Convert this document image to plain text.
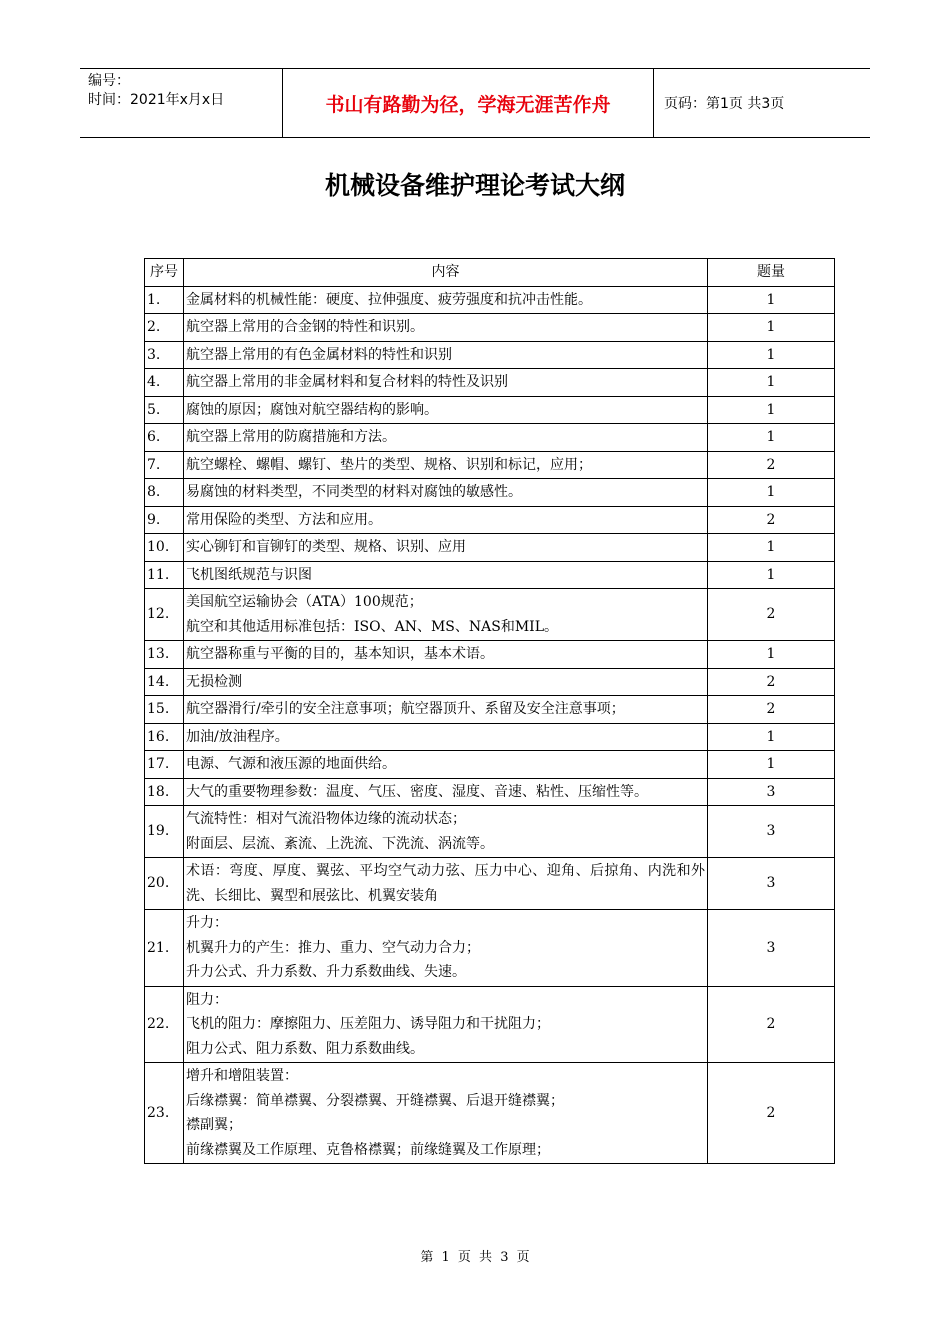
编号：
时间：2021年x月x日	书山有路勤为径，学海无涯苦作舟	页码：第1页 共3页
机械设备维护理论考试大纲
序号	内容	题量
1.	金属材料的机械性能：硬度、拉伸强度、疲劳强度和抗冲击性能。	1
2.	航空器上常用的合金钢的特性和识别。	1
3.	航空器上常用的有色金属材料的特性和识别	1
4.	航空器上常用的非金属材料和复合材料的特性及识别	1
5.	腐蚀的原因；腐蚀对航空器结构的影响。	1
6.	航空器上常用的防腐措施和方法。	1
7.	航空螺栓、螺帽、螺钉、垫片的类型、规格、识别和标记，应用；	2
8.	易腐蚀的材料类型，不同类型的材料对腐蚀的敏感性。	1
9.	常用保险的类型、方法和应用。	2
10.	实心铆钉和盲铆钉的类型、规格、识别、应用	1
11.	飞机图纸规范与识图	1
12.	美国航空运输协会（ATA）100规范；
航空和其他适用标准包括：ISO、AN、MS、NAS和MIL。	2
13.	航空器称重与平衡的目的，基本知识，基本术语。	1
14.	无损检测	2
15.	航空器滑行/牵引的安全注意事项；航空器顶升、系留及安全注意事项；	2
16.	加油/放油程序。	1
17.	电源、气源和液压源的地面供给。	1
18.	大气的重要物理参数：温度、气压、密度、湿度、音速、粘性、压缩性等。	3
19.	气流特性：相对气流沿物体边缘的流动状态；
附面层、层流、紊流、上洗流、下洗流、涡流等。	3
20.	术语：弯度、厚度、翼弦、平均空气动力弦、压力中心、迎角、后掠角、内洗和外洗、长细比、翼型和展弦比、机翼安装角	3
21.	升力：
机翼升力的产生：推力、重力、空气动力合力；
升力公式、升力系数、升力系数曲线、失速。	3
22.	阻力：
飞机的阻力：摩擦阻力、压差阻力、诱导阻力和干扰阻力；
阻力公式、阻力系数、阻力系数曲线。	2
23.	增升和增阻装置：
后缘襟翼：简单襟翼、分裂襟翼、开缝襟翼、后退开缝襟翼；
襟副翼；
前缘襟翼及工作原理、克鲁格襟翼；前缘缝翼及工作原理；	2
第 1 页 共 3 页
